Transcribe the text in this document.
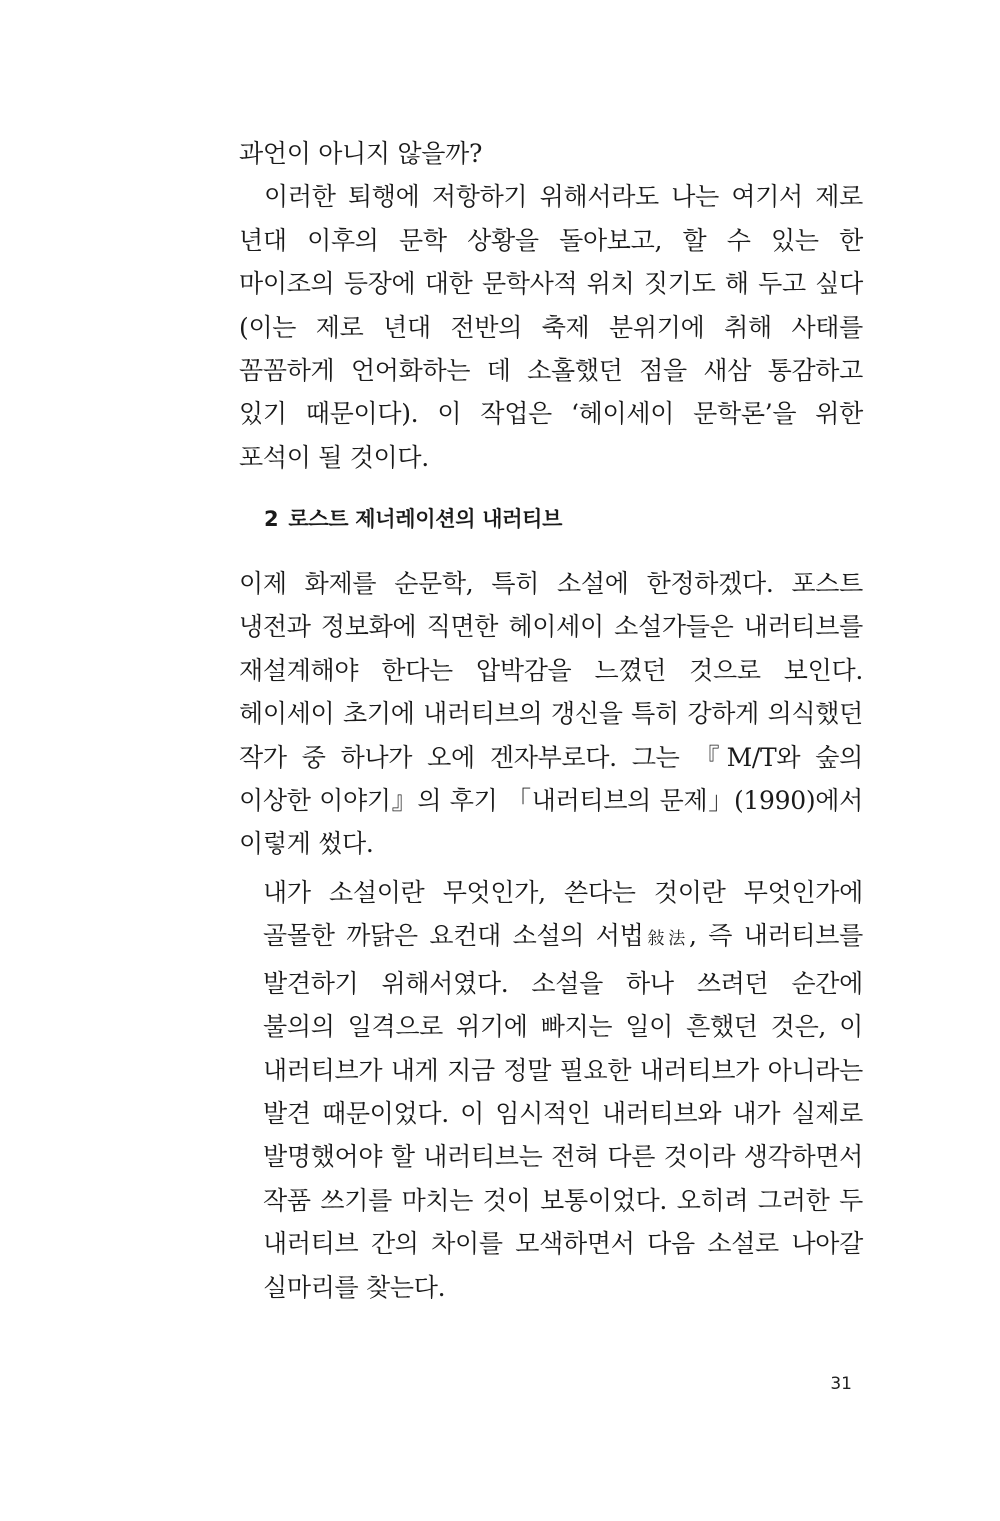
과언이 아니지 않을까?

이러한 퇴행에 저항하기 위해서라도 나는 여기서 제로 년대 이후의 문학 상황을 돌아보고, 할 수 있는 한 마이조의 등장에 대한 문학사적 위치 짓기도 해 두고 싶다(이는 제로 년대 전반의 축제 분위기에 취해 사태를 꼼꼼하게 언어화하는 데 소홀했던 점을 새삼 통감하고 있기 때문이다). 이 작업은 ‘헤이세이 문학론’을 위한 포석이 될 것이다.

2 로스트 제너레이션의 내러티브

이제 화제를 순문학, 특히 소설에 한정하겠다. 포스트 냉전과 정보화에 직면한 헤이세이 소설가들은 내러티브를 재설계해야 한다는 압박감을 느꼈던 것으로 보인다. 헤이세이 초기에 내러티브의 갱신을 특히 강하게 의식했던 작가 중 하나가 오에 겐자부로다. 그는 『M/T와 숲의 이상한 이야기』의 후기 「내러티브의 문제」(1990)에서 이렇게 썼다.

내가 소설이란 무엇인가, 쓴다는 것이란 무엇인가에 골몰한 까닭은 요컨대 소설의 서법敍法, 즉 내러티브를 발견하기 위해서였다. 소설을 하나 쓰려던 순간에 불의의 일격으로 위기에 빠지는 일이 흔했던 것은, 이 내러티브가 내게 지금 정말 필요한 내러티브가 아니라는 발견 때문이었다. 이 임시적인 내러티브와 내가 실제로 발명했어야 할 내러티브는 전혀 다른 것이라 생각하면서 작품 쓰기를 마치는 것이 보통이었다. 오히려 그러한 두 내러티브 간의 차이를 모색하면서 다음 소설로 나아갈 실마리를 찾는다.
31
